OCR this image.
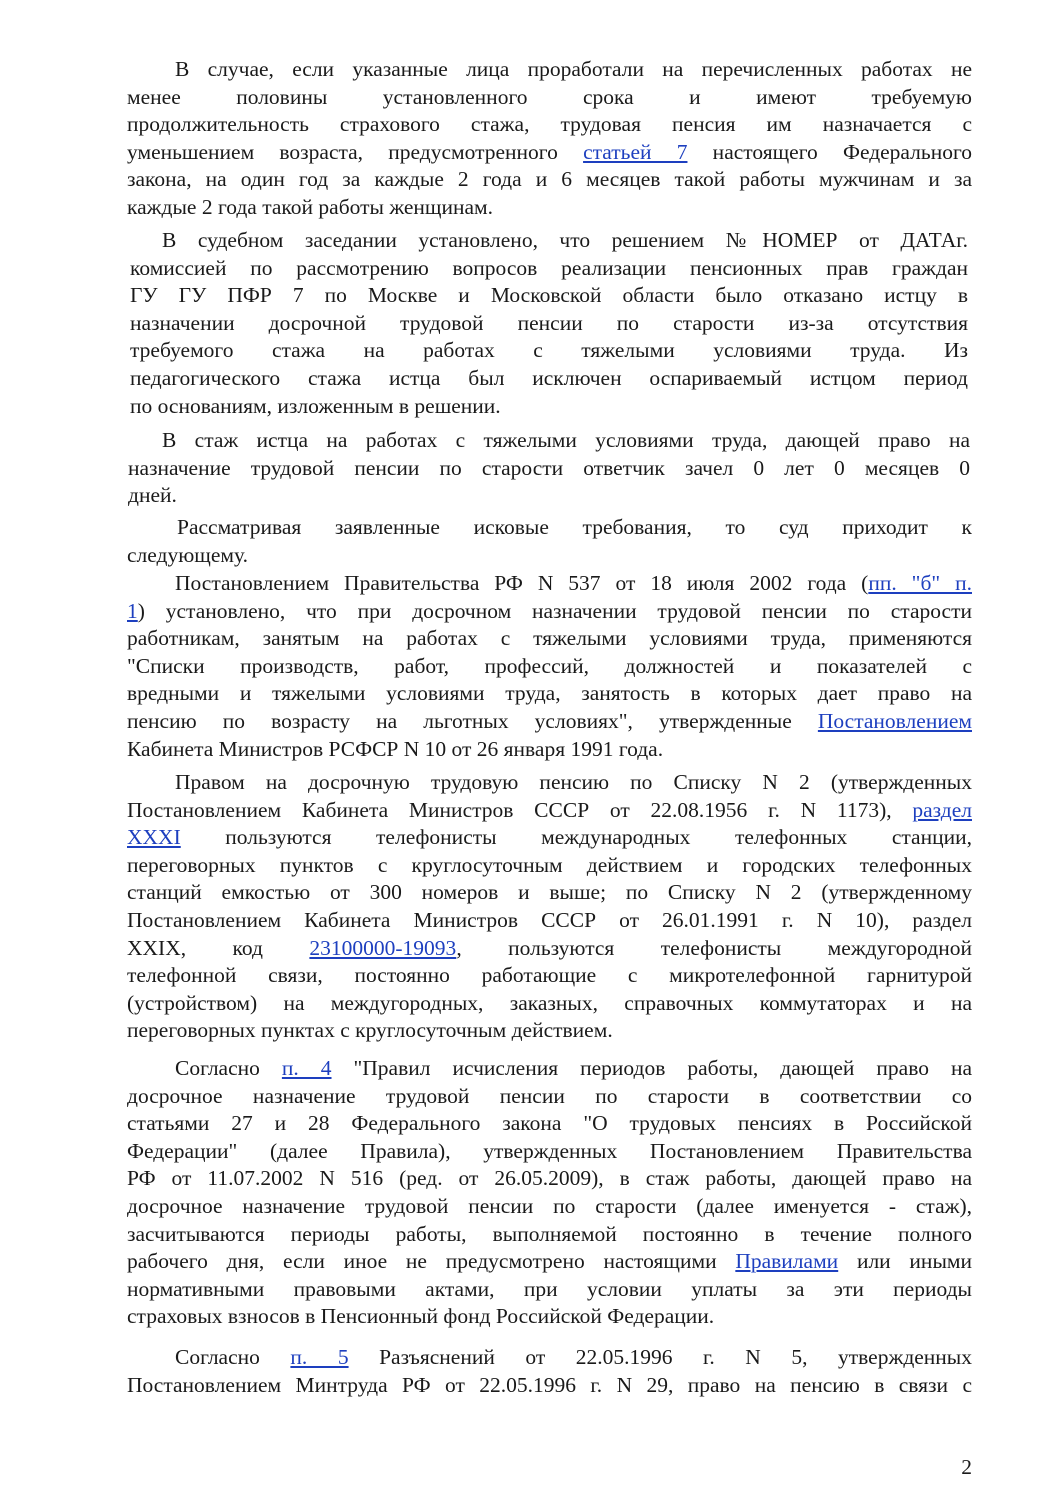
В случае, если указанные лица проработали на перечисленных работах не
менее половины установленного срока и имеют требуемую
продолжительность страхового стажа, трудовая пенсия им назначается с
уменьшением возраста, предусмотренного статьей 7 настоящего Федерального
закона, на один год за каждые 2 года и 6 месяцев такой работы мужчинам и за
каждые 2 года такой работы женщинам.
В судебном заседании установлено, что решением №НОМЕР от ДАТАг.
комиссией по рассмотрению вопросов реализации пенсионных прав граждан
ГУ ГУ ПФР 7 по Москве и Московской области было отказано истцу в
назначении досрочной трудовой пенсии по старости из-за отсутствия
требуемого стажа на работах с тяжелыми условиями труда. Из
педагогического стажа истца был исключен оспариваемый истцом период
по основаниям, изложенным в решении.
В стаж истца на работах с тяжелыми условиями труда, дающей право на
назначение трудовой пенсии по старости ответчик зачел 0 лет 0 месяцев 0
дней.
Рассматривая заявленные исковые требования, то суд приходит к
следующему.
Постановлением Правительства РФ N 537 от 18 июля 2002 года (пп. "б" п.
1) установлено, что при досрочном назначении трудовой пенсии по старости
работникам, занятым на работах с тяжелыми условиями труда, применяются
"Списки производств, работ, профессий, должностей и показателей с
вредными и тяжелыми условиями труда, занятость в которых дает право на
пенсию по возрасту на льготных условиях", утвержденные Постановлением
Кабинета Министров РСФСР N 10 от 26 января 1991 года.
Правом на досрочную трудовую пенсию по Списку N 2 (утвержденных
Постановлением Кабинета Министров СССР от 22.08.1956 г. N 1173), раздел
XXXI пользуются телефонисты международных телефонных станции,
переговорных пунктов с круглосуточным действием и городских телефонных
станций емкостью от 300 номеров и выше; по Списку N 2 (утвержденному
Постановлением Кабинета Министров СССР от 26.01.1991 г. N 10), раздел
XXIX, код 23100000-19093, пользуются телефонисты междугородной
телефонной связи, постоянно работающие с микротелефонной гарнитурой
(устройством) на междугородных, заказных, справочных коммутаторах и на
переговорных пунктах с круглосуточным действием.
Согласно п. 4 "Правил исчисления периодов работы, дающей право на
досрочное назначение трудовой пенсии по старости в соответствии со
статьями 27 и 28 Федерального закона "О трудовых пенсиях в Российской
Федерации" (далее Правила), утвержденных Постановлением Правительства
РФ от 11.07.2002 N 516 (ред. от 26.05.2009), в стаж работы, дающей право на
досрочное назначение трудовой пенсии по старости (далее именуется - стаж),
засчитываются периоды работы, выполняемой постоянно в течение полного
рабочего дня, если иное не предусмотрено настоящими Правилами или иными
нормативными правовыми актами, при условии уплаты за эти периоды
страховых взносов в Пенсионный фонд Российской Федерации.
Согласно п. 5 Разъяснений от 22.05.1996 г. N 5, утвержденных
Постановлением Минтруда РФ от 22.05.1996 г. N 29, право на пенсию в связи с
2
